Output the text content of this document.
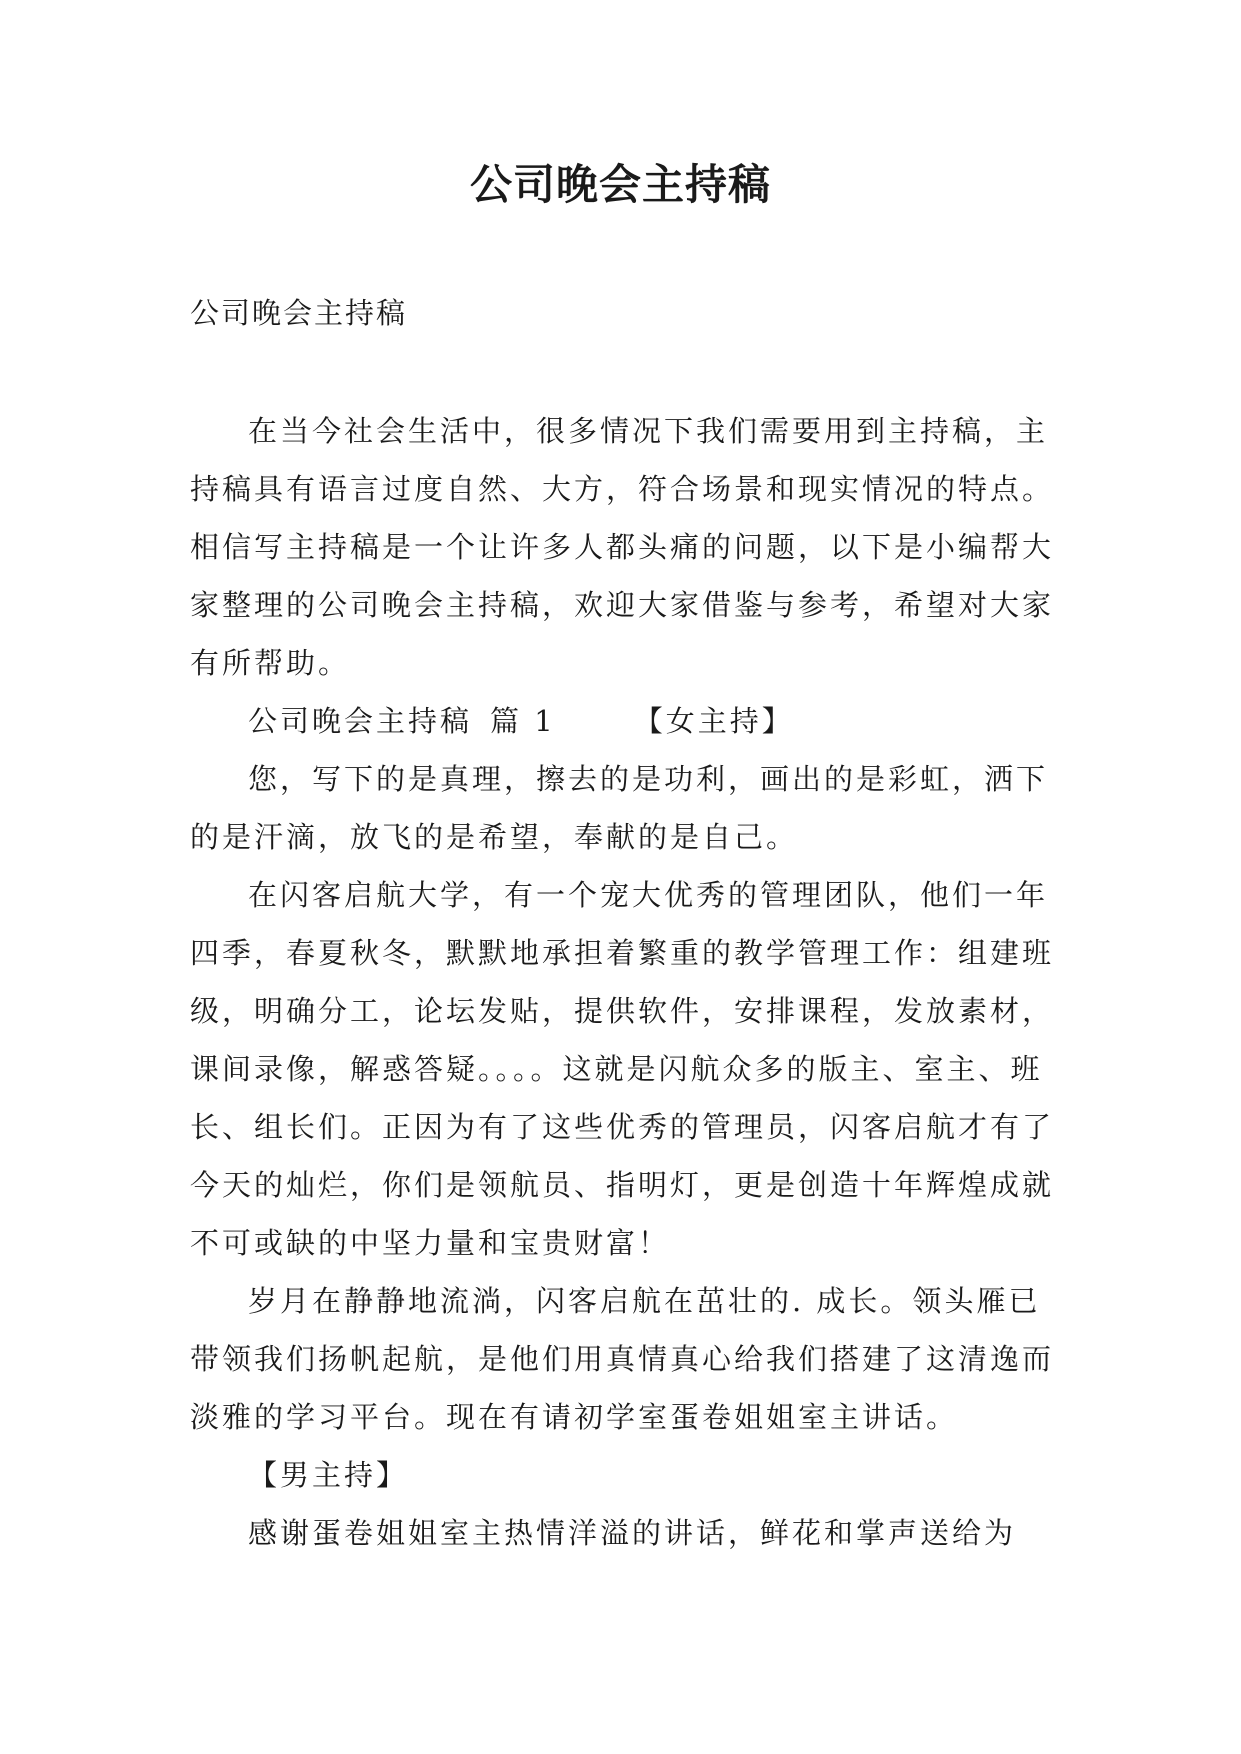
公司晚会主持稿
公司晚会主持稿

在当今社会生活中，很多情况下我们需要用到主持稿，主持稿具有语言过度自然、大方，符合场景和现实情况的特点。相信写主持稿是一个让许多人都头痛的问题，以下是小编帮大家整理的公司晚会主持稿，欢迎大家借鉴与参考，希望对大家有所帮助。

公司晚会主持稿 篇 1	【女主持】

您，写下的是真理，擦去的是功利，画出的是彩虹，洒下的是汗滴，放飞的是希望，奉献的是自己。

在闪客启航大学，有一个宠大优秀的管理团队，他们一年四季，春夏秋冬，默默地承担着繁重的教学管理工作：组建班级，明确分工，论坛发贴，提供软件，安排课程，发放素材，课间录像，解惑答疑。。。。这就是闪航众多的版主、室主、班长、组长们。正因为有了这些优秀的管理员，闪客启航才有了今天的灿烂，你们是领航员、指明灯，更是创造十年辉煌成就不可或缺的中坚力量和宝贵财富！

岁月在静静地流淌，闪客启航在茁壮的. 成长。领头雁已带领我们扬帆起航，是他们用真情真心给我们搭建了这清逸而淡雅的学习平台。现在有请初学室蛋卷姐姐室主讲话。

【男主持】

感谢蛋卷姐姐室主热情洋溢的讲话，鲜花和掌声送给为
